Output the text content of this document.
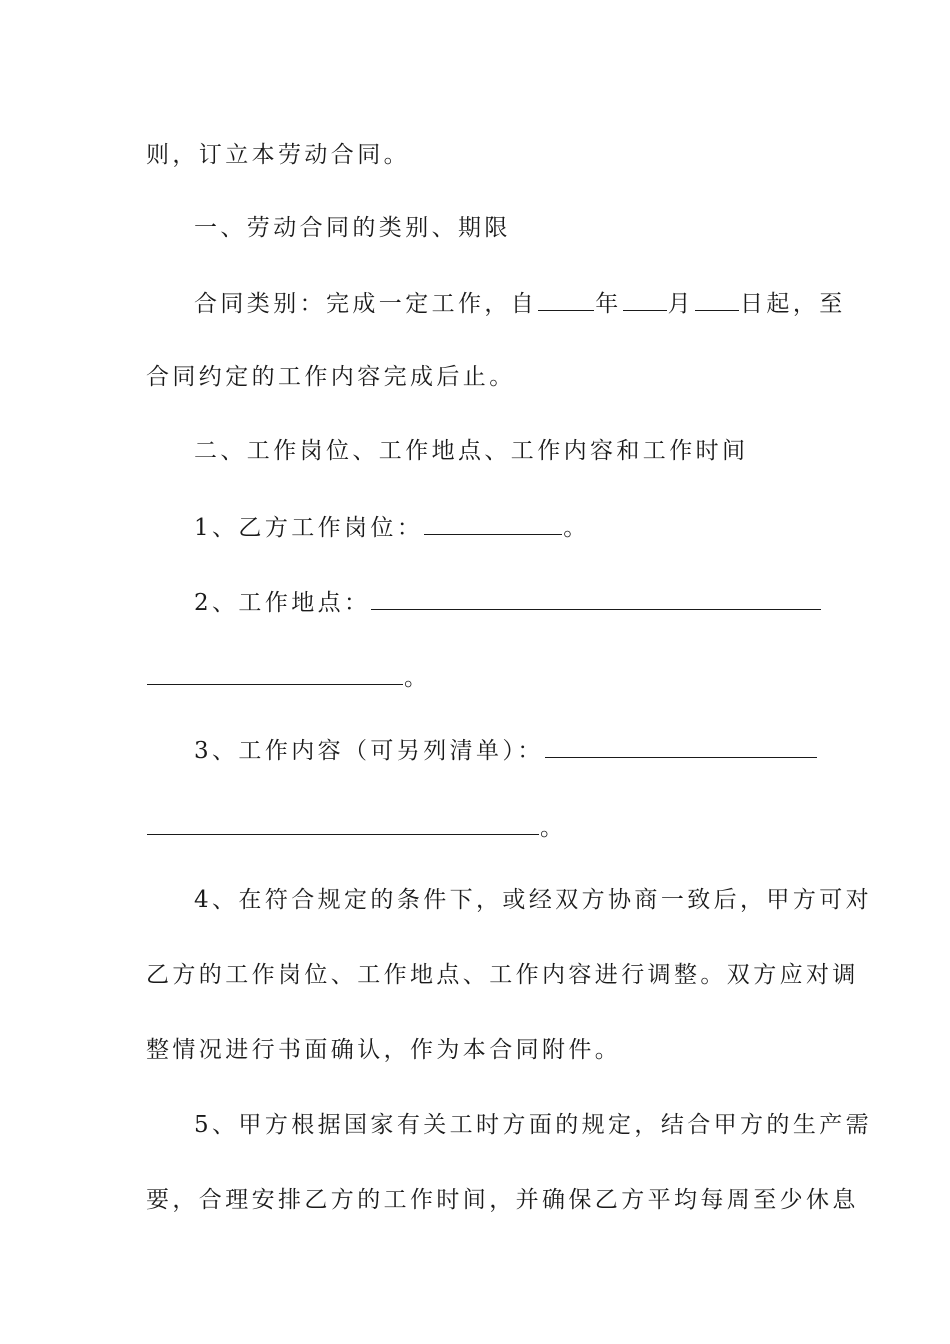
则，订立本劳动合同。
一、劳动合同的类别、期限
合同类别：完成一定工作，自	年 月 日起，至
合同约定的工作内容完成后止。
二、工作岗位、工作地点、工作内容和工作时间
1、乙方工作岗位：	。
2、工作地点：
。
3、工作内容（可另列清单）：
。
4、在符合规定的条件下，或经双方协商一致后，甲方可对
乙方的工作岗位、工作地点、工作内容进行调整。双方应对调
整情况进行书面确认，作为本合同附件。
5、甲方根据国家有关工时方面的规定，结合甲方的生产需
要，合理安排乙方的工作时间，并确保乙方平均每周至少休息
